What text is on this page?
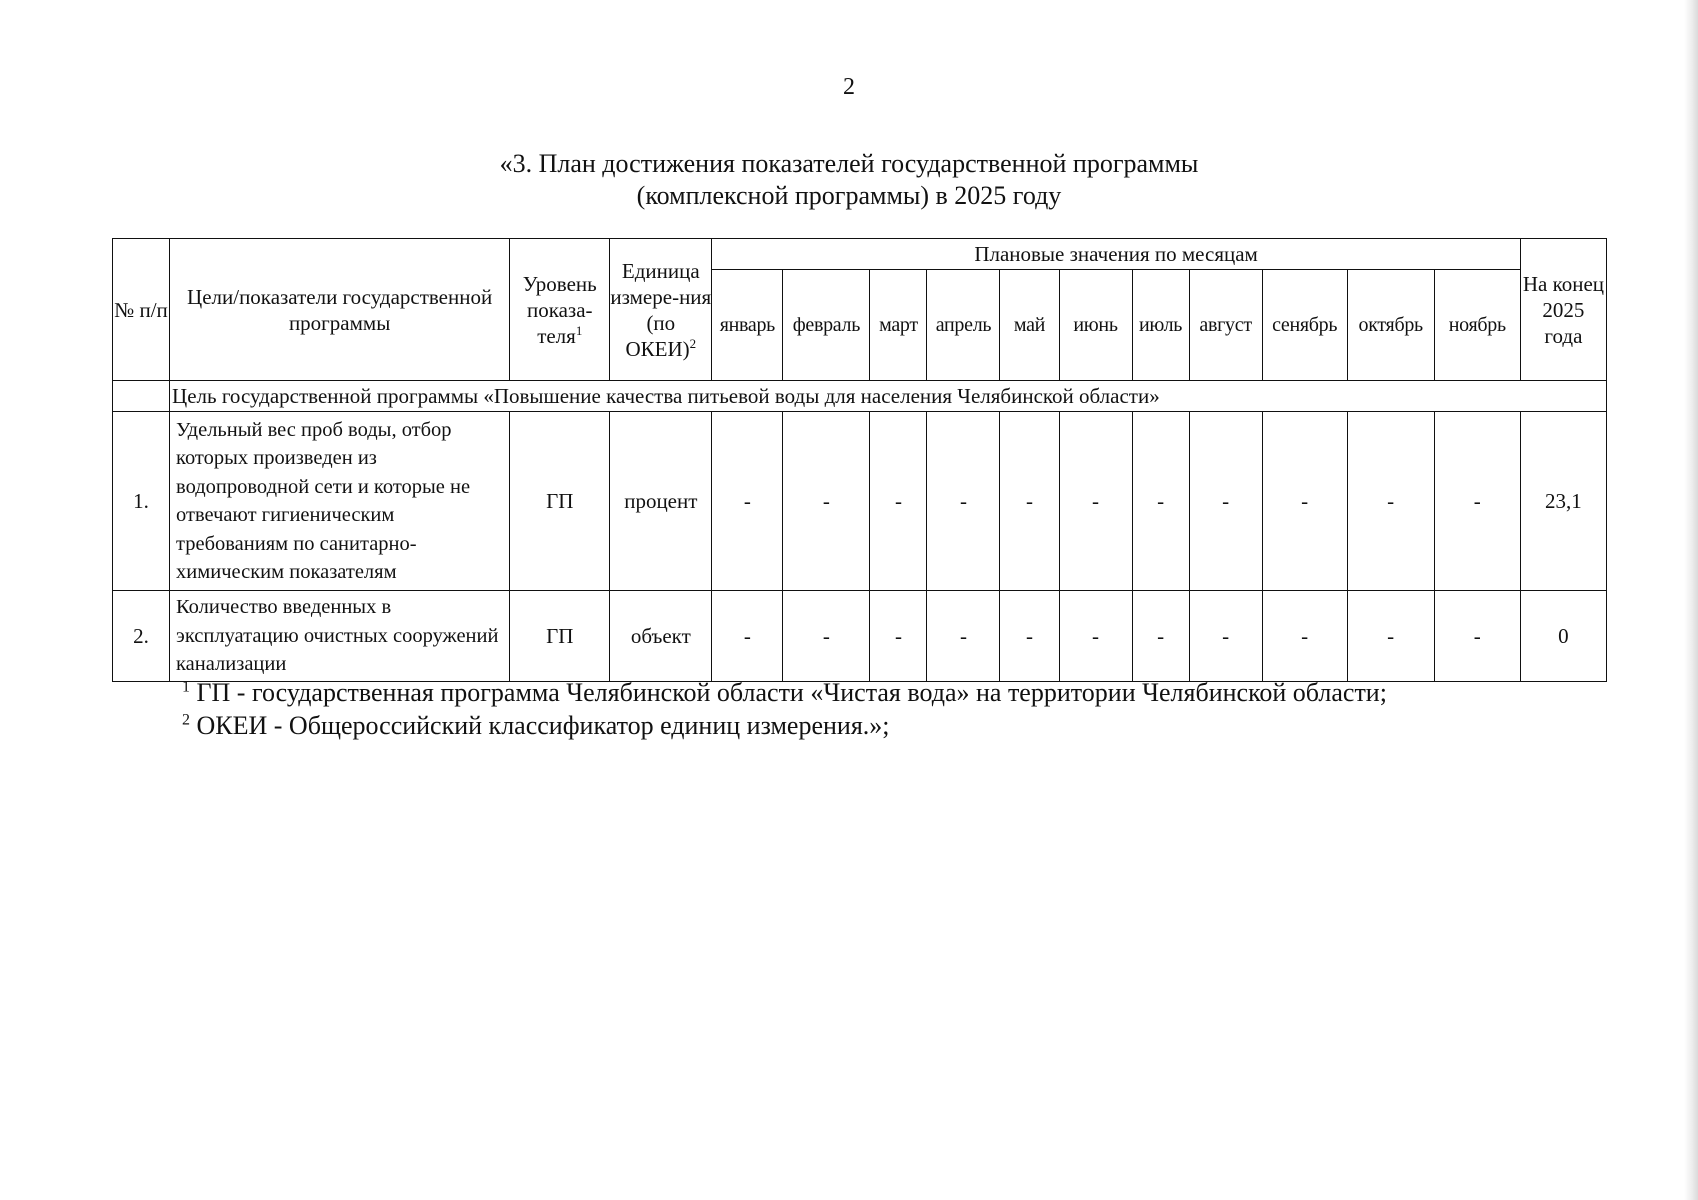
2
«3. План достижения показателей государственной программы
(комплексной программы) в 2025 году
№ п/п	Цели/показатели государственной программы	Уровень показа-теля$^1$	Единица измере-ния (по ОКЕИ)$^2$	Плановые значения по месяцам											На конец 2025 года
				январь	февраль	март	апрель	май	июнь	июль	август	сенябрь	октябрь	ноябрь	
	Цель государственной программы «Повышение качества питьевой воды для населения Челябинской области»														
1.	Удельный вес проб воды, отбор которых произведен из водопроводной сети и которые не отвечают гигиеническим требованиям по санитарно-химическим показателям	ГП	процент	-	-	-	-	-	-	-	-	-	-	-	23,1
2.	Количество введенных в эксплуатацию очистных сооружений канализации	ГП	объект	-	-	-	-	-	-	-	-	-	-	-	0
$^1$ ГП - государственная программа Челябинской области «Чистая вода» на территории Челябинской области;
$^2$ ОКЕИ - Общероссийский классификатор единиц измерения.»;
